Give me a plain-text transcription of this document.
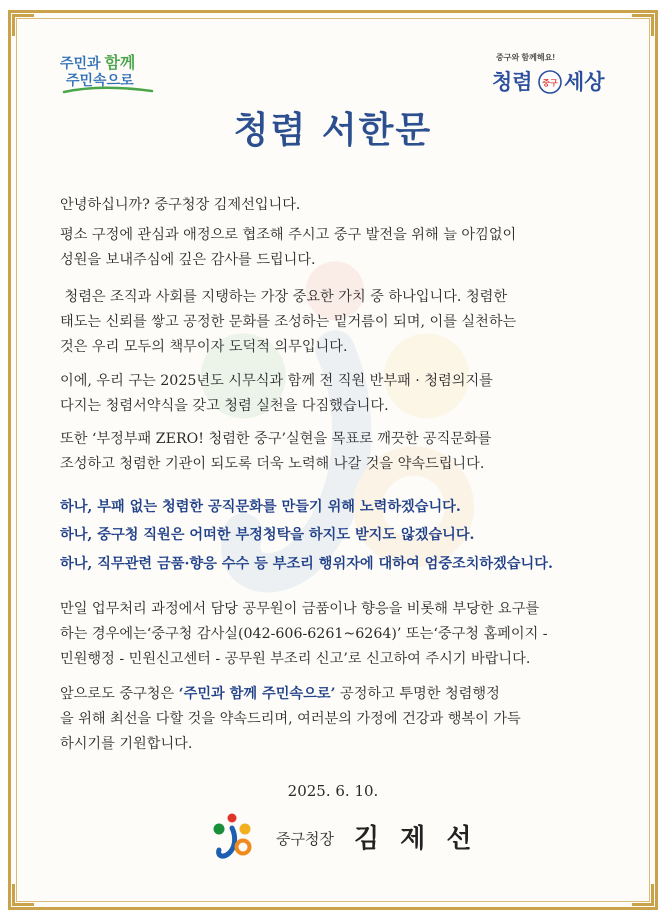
주민과 함께
주민속으로
중구와 함께해요!
청렴 중구 세상
청렴 서한문
안녕하십니까? 중구청장 김제선입니다.
평소 구정에 관심과 애정으로 협조해 주시고 중구 발전을 위해 늘 아낌없이
성원을 보내주심에 깊은 감사를 드립니다.
청렴은 조직과 사회를 지탱하는 가장 중요한 가치 중 하나입니다. 청렴한
태도는 신뢰를 쌓고 공정한 문화를 조성하는 밑거름이 되며, 이를 실천하는
것은 우리 모두의 책무이자 도덕적 의무입니다.
이에, 우리 구는 2025년도 시무식과 함께 전 직원 반부패 · 청렴의지를
다지는 청렴서약식을 갖고 청렴 실천을 다짐했습니다.
또한 ‘부정부패 ZERO! 청렴한 중구’실현을 목표로 깨끗한 공직문화를
조성하고 청렴한 기관이 되도록 더욱 노력해 나갈 것을 약속드립니다.
하나, 부패 없는 청렴한 공직문화를 만들기 위해 노력하겠습니다.
하나, 중구청 직원은 어떠한 부정청탁을 하지도 받지도 않겠습니다.
하나, 직무관련 금품·향응 수수 등 부조리 행위자에 대하여 엄중조치하겠습니다.
만일 업무처리 과정에서 담당 공무원이 금품이나 향응을 비롯해 부당한 요구를
하는 경우에는‘중구청 감사실(042-606-6261~6264)’ 또는‘중구청 홈페이지 -
민원행정 - 민원신고센터 - 공무원 부조리 신고’로 신고하여 주시기 바랍니다.
앞으로도 중구청은 ‘주민과 함께 주민속으로’ 공정하고 투명한 청렴행정
을 위해 최선을 다할 것을 약속드리며, 여러분의 가정에 건강과 행복이 가득
하시기를 기원합니다.
2025. 6. 10.
중구청장 김 제 선
